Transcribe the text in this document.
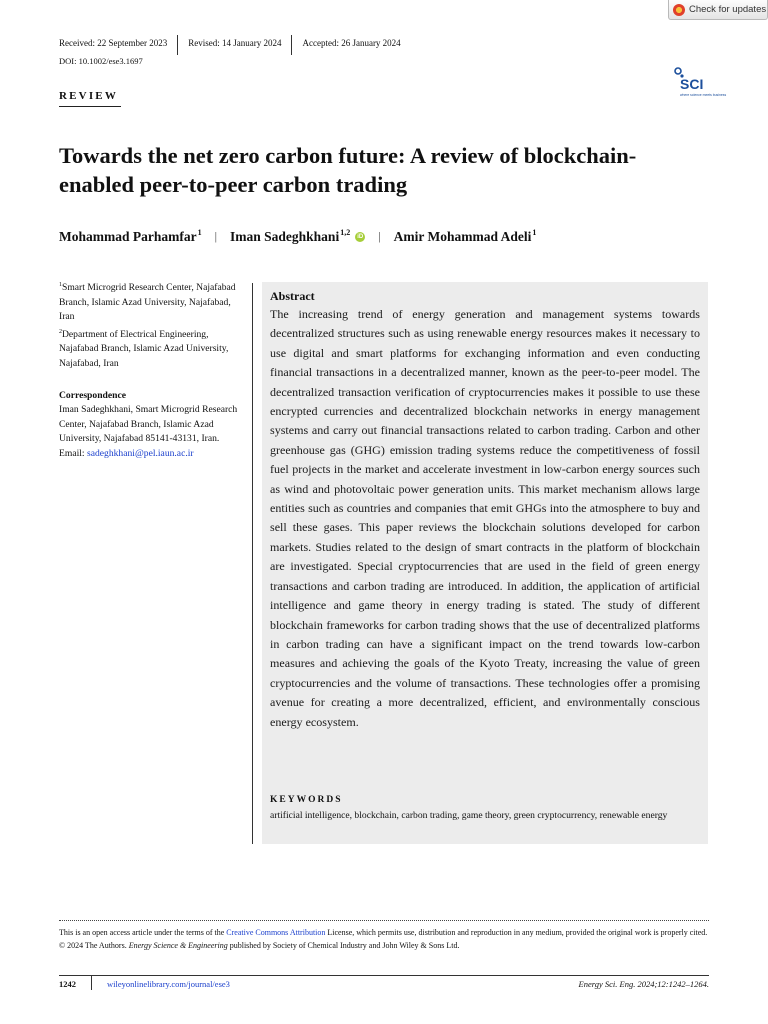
Check for updates
Received: 22 September 2023	Revised: 14 January 2024	Accepted: 26 January 2024
DOI: 10.1002/ese3.1697
REVIEW
SCI
where science meets business
Towards the net zero carbon future: A review of blockchain-enabled peer-to-peer carbon trading
Mohammad Parhamfar$^1$ | Iman Sadeghkhani$^{1,2}$	iD | Amir Mohammad Adeli$^1$

$^1$Smart Microgrid Research Center, Najafabad Branch, Islamic Azad University, Najafabad, Iran

$^2$Department of Electrical Engineering, Najafabad Branch, Islamic Azad University, Najafabad, Iran

Correspondence

Iman Sadeghkhani, Smart Microgrid Research Center, Najafabad Branch, Islamic Azad University, Najafabad 85141-43131, Iran.

Email: sadeghkhani@pel.iaun.ac.ir

Abstract

The increasing trend of energy generation and management systems towards decentralized structures such as using renewable energy resources makes it necessary to use digital and smart platforms for exchanging information and even conducting financial transactions in a decentralized manner, known as the peer-to-peer model. The decentralized transaction verification of cryptocurrencies makes it possible to use these encrypted currencies and decentralized blockchain networks in energy management systems and carry out financial transactions related to carbon trading. Carbon and other greenhouse gas (GHG) emission trading systems reduce the competitiveness of fossil fuel projects in the market and accelerate investment in low-carbon energy sources such as wind and photovoltaic power generation units. This market mechanism allows large entities such as countries and companies that emit GHGs into the atmosphere to buy and sell these gases. This paper reviews the blockchain solutions developed for carbon markets. Studies related to the design of smart contracts in the platform of blockchain are investigated. Special cryptocurrencies that are used in the field of green energy transactions and carbon trading are introduced. In addition, the application of artificial intelligence and game theory in energy trading is stated. The study of different blockchain frameworks for carbon trading shows that the use of decentralized platforms in carbon trading can have a significant impact on the trend towards low-carbon measures and achieving the goals of the Kyoto Treaty, increasing the value of green cryptocurrencies and the volume of transactions. These technologies offer a promising avenue for creating a more decentralized, efficient, and environmentally conscious energy ecosystem.

KEYWORDS

artificial intelligence, blockchain, carbon trading, game theory, green cryptocurrency, renewable energy

This is an open access article under the terms of the Creative Commons Attribution License, which permits use, distribution and reproduction in any medium, provided the original work is properly cited.

© 2024 The Authors. Energy Science & Engineering published by Society of Chemical Industry and John Wiley & Sons Ltd.

1242	wileyonlinelibrary.com/journal/ese3	Energy Sci. Eng. 2024;12:1242–1264.
